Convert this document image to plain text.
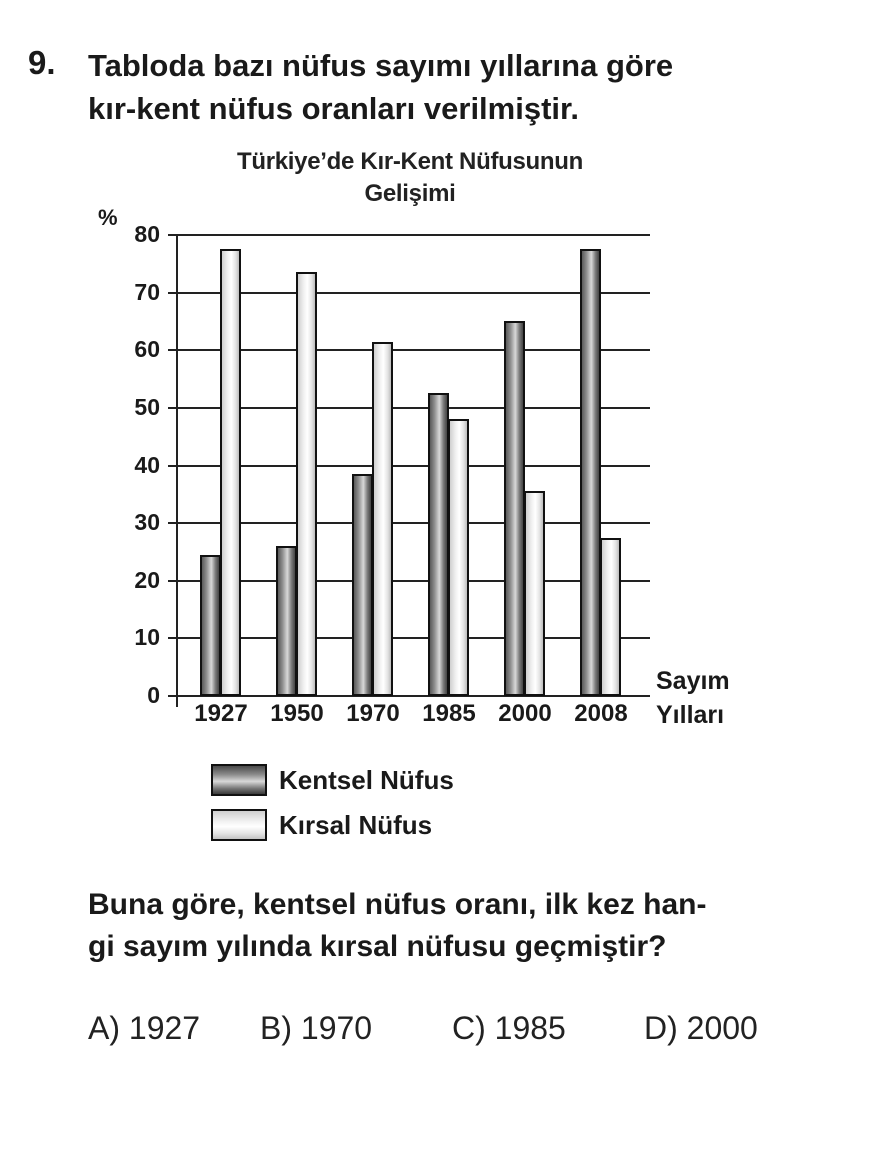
9. Tabloda bazı nüfus sayımı yıllarına göre
kır-kent nüfus oranları verilmiştir.
Türkiye’de Kır-Kent Nüfusunun
Gelişimi
%
80
70
60
50
40
30
20
10
0
1927 1950 1970 1985 2000 2008
Sayım
Yılları
Kentsel Nüfus
Kırsal Nüfus
Buna göre, kentsel nüfus oranı, ilk kez han-
gi sayım yılında kırsal nüfusu geçmiştir?
A) 1927 B) 1970 C) 1985 D) 2000
